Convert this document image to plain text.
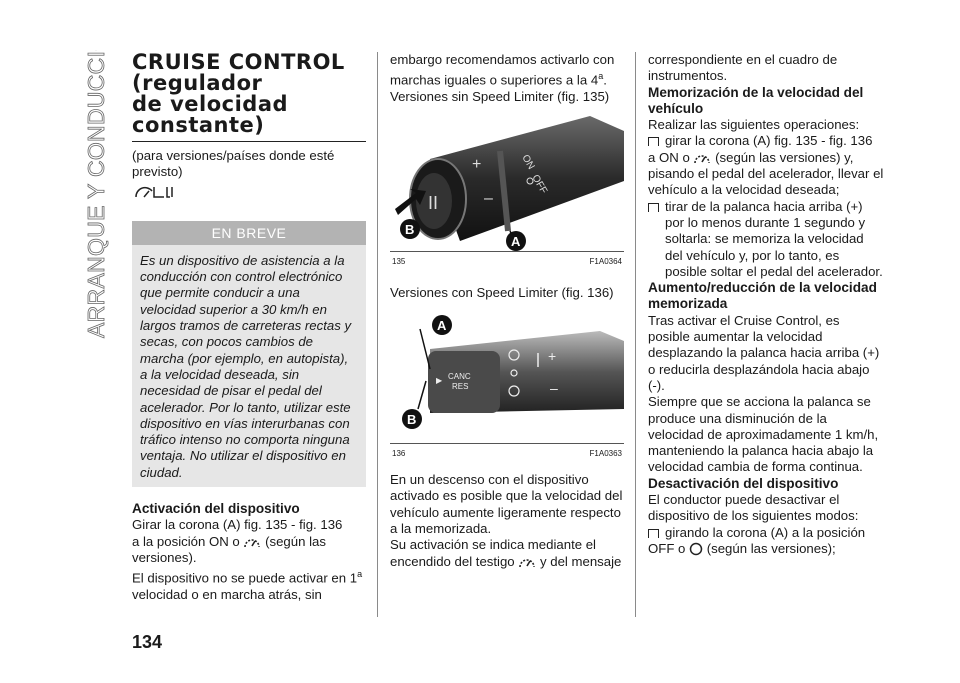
ARRANQUE Y CONDUCCIÓN CRUISE CONTROL
(regulador
de velocidad
constante)

(para versiones/países donde esté previsto)

EN BREVE
Es un dispositivo de asistencia a la conducción con control electrónico que permite conducir a una velocidad superior a 30 km/h en largos tramos de carreteras rectas y secas, con pocos cambios de marcha (por ejemplo, en autopista), a la velocidad deseada, sin necesidad de pisar el pedal del acelerador. Por lo tanto, utilizar este dispositivo en vías interurbanas con tráfico intenso no comporta ninguna ventaja. No utilizar el dispositivo en ciudad.
Activación del dispositivo

Girar la corona (A) fig. 135 - fig. 136

a la posición ON o (según las versiones).

El dispositivo no se puede activar en 1$^a$ velocidad o en marcha atrás, sin

embargo recomendamos activarlo con marchas iguales o superiores a la 4$^a$.

Versiones sin Speed Limiter (fig. 135)

II
+
–
ON
OFF
A
B
135	F1A0364

Versiones con Speed Limiter (fig. 136)

CANC
RES
▶
+
–
A
B
136	F1A0363

En un descenso con el dispositivo activado es posible que la velocidad del vehículo aumente ligeramente respecto a la memorizada.

Su activación se indica mediante el encendido del testigo y del mensaje

correspondiente en el cuadro de instrumentos.

Memorización de la velocidad del vehículo

Realizar las siguientes operaciones:

girar la corona (A) fig. 135 - fig. 136

a ON o (según las versiones) y, pisando el pedal del acelerador, llevar el vehículo a la velocidad deseada;

tirar de la palanca hacia arriba (+) por lo menos durante 1 segundo y soltarla: se memoriza la velocidad del vehículo y, por lo tanto, es posible soltar el pedal del acelerador.
Aumento/reducción de la velocidad memorizada

Tras activar el Cruise Control, es posible aumentar la velocidad desplazando la palanca hacia arriba (+) o reducirla desplazándola hacia abajo (-).

Siempre que se acciona la palanca se produce una disminución de la velocidad de aproximadamente 1 km/h, manteniendo la palanca hacia abajo la velocidad cambia de forma continua.

Desactivación del dispositivo

El conductor puede desactivar el dispositivo de los siguientes modos:

girando la corona (A) a la posición

OFF o (según las versiones);

134
